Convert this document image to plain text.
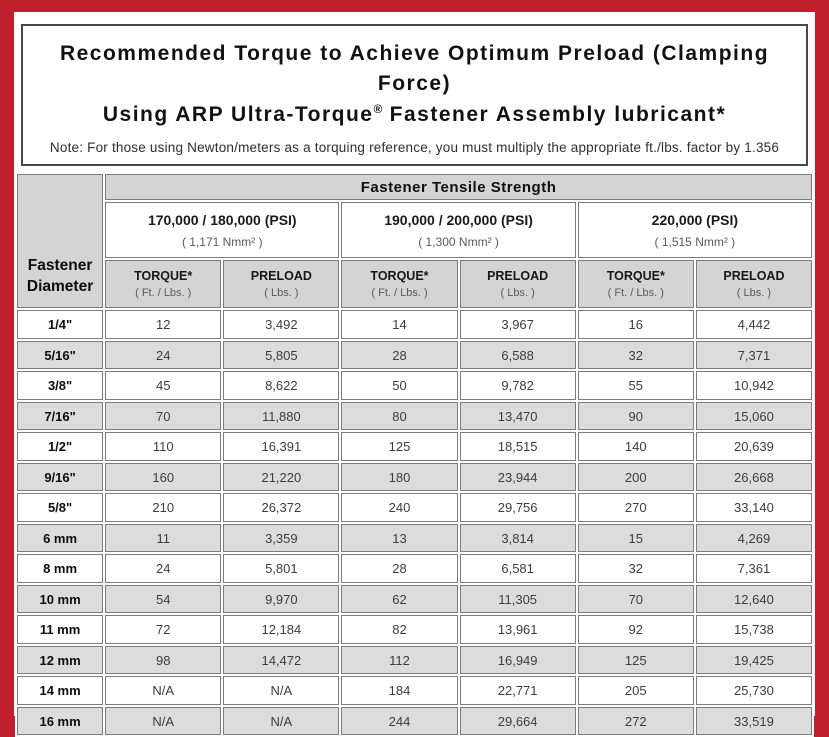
Recommended Torque to Achieve Optimum Preload (Clamping Force)
Using ARP Ultra-Torque® Fastener Assembly lubricant*
Note: For those using Newton/meters as a torquing reference, you must multiply the appropriate ft./lbs. factor by 1.356
Fastener
Diameter	Fastener Tensile Strength					

170,000 / 180,000 (PSI)
( 1,171 Nmm² )

190,000 / 200,000 (PSI)
( 1,300 Nmm² )

220,000 (PSI)
( 1,515 Nmm² )

TORQUE*
( Ft. / Lbs. )

PRELOAD
( Lbs. )

TORQUE*
( Ft. / Lbs. )

PRELOAD
( Lbs. )

TORQUE*
( Ft. / Lbs. )

PRELOAD
( Lbs. )

1/4"	12	3,492	14	3,967	16	4,442
5/16"	24	5,805	28	6,588	32	7,371
3/8"	45	8,622	50	9,782	55	10,942
7/16"	70	11,880	80	13,470	90	15,060
1/2"	110	16,391	125	18,515	140	20,639
9/16"	160	21,220	180	23,944	200	26,668
5/8"	210	26,372	240	29,756	270	33,140
6 mm	11	3,359	13	3,814	15	4,269
8 mm	24	5,801	28	6,581	32	7,361
10 mm	54	9,970	62	11,305	70	12,640
11 mm	72	12,184	82	13,961	92	15,738
12 mm	98	14,472	112	16,949	125	19,425
14 mm	N/A	N/A	184	22,771	205	25,730
16 mm	N/A	N/A	244	29,664	272	33,519
